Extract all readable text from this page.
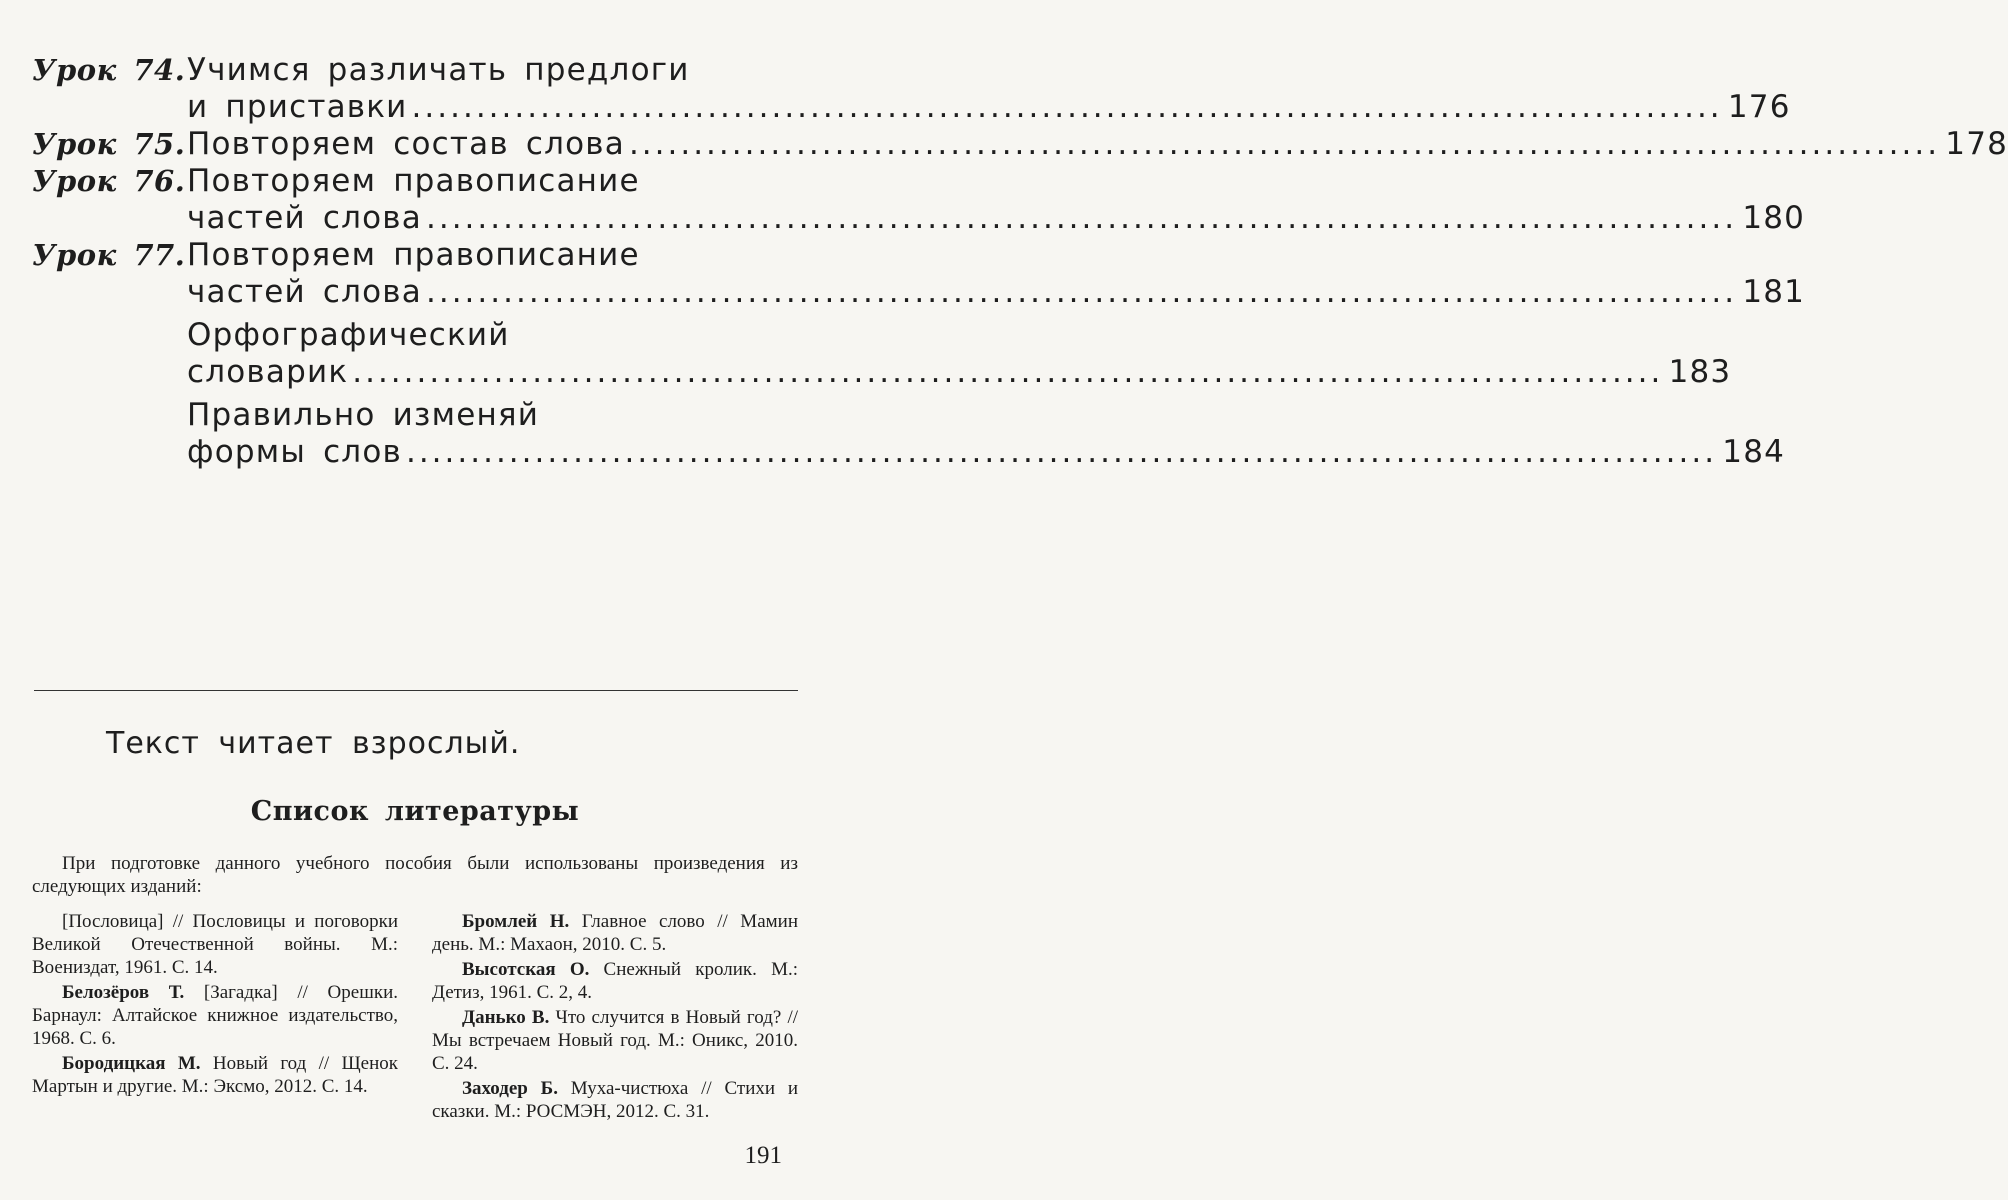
Урок 74. Учимся различать предлоги
и приставки .....	176
Урок 75. Повторяем состав слова .....	178
Урок 76. Повторяем правописание
частей слова .....	180
Урок 77. Повторяем правописание
частей слова .....	181
Орфографический
словарик .....	183
Правильно изменяй
формы слов .....	184
Текст читает взрослый.
Список литературы
При подготовке данного учебного пособия были использованы произведения из следующих изданий:
[Пословица] // Пословицы и поговорки Великой Отечественной войны. М.: Воениздат, 1961. С. 14.
Белозёров Т. [Загадка] // Орешки. Барнаул: Алтайское книжное издательство, 1968. С. 6.
Бородицкая М. Новый год // Щенок Мартын и другие. М.: Эксмо, 2012. С. 14.
Бромлей Н. Главное слово // Мамин день. М.: Махаон, 2010. С. 5.
Высотская О. Снежный кролик. М.: Детиз, 1961. С. 2, 4.
Данько В. Что случится в Новый год? // Мы встречаем Новый год. М.: Оникс, 2010. С. 24.
Заходер Б. Муха-чистюха // Стихи и сказки. М.: РОСМЭН, 2012. С. 31.
191
